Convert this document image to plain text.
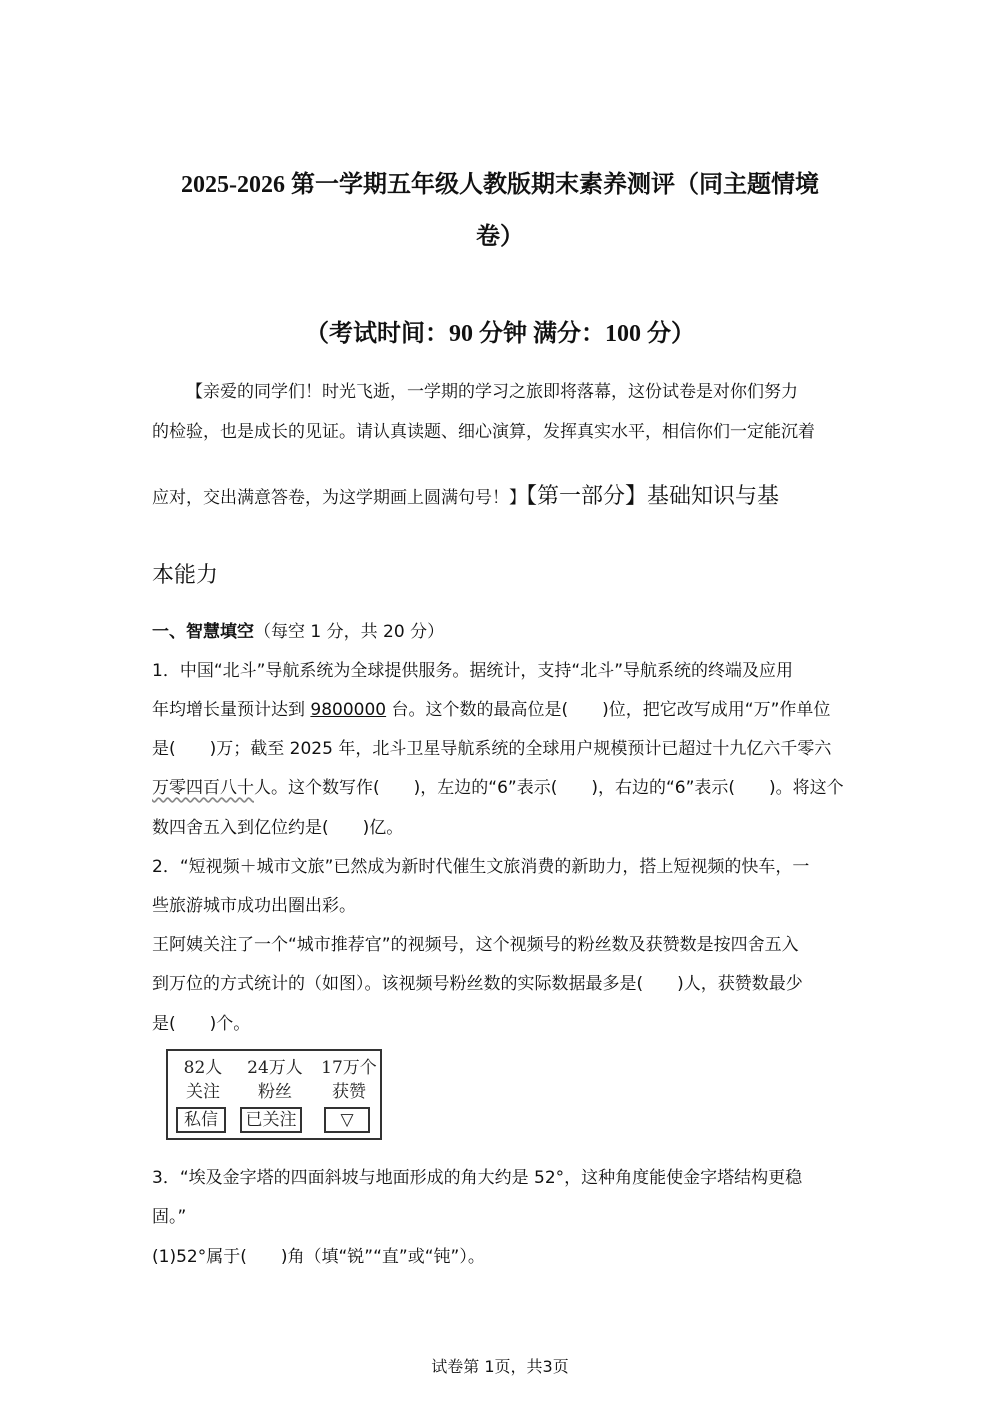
2025-2026 第一学期五年级人教版期末素养测评（同主题情境
卷）
（考试时间：90 分钟 满分：100 分）
【亲爱的同学们！时光飞逝，一学期的学习之旅即将落幕，这份试卷是对你们努力
的检验，也是成长的见证。请认真读题、细心演算，发挥真实水平，相信你们一定能沉着
应对，交出满意答卷，为这学期画上圆满句号！】【第一部分】基础知识与基
本能力
一、智慧填空（每空 1 分，共 20 分）
1．中国“北斗”导航系统为全球提供服务。据统计，支持“北斗”导航系统的终端及应用
年均增长量预计达到 9800000 台。这个数的最高位是(　　)位，把它改写成用“万”作单位
是(　　)万；截至 2025 年，北斗卫星导航系统的全球用户规模预计已超过十九亿六千零六
万零四百八十人。这个数写作(　　)，左边的“6”表示(　　)，右边的“6”表示(　　)。将这个
数四舍五入到亿位约是(　　)亿。
2．“短视频＋城市文旅”已然成为新时代催生文旅消费的新助力，搭上短视频的快车，一
些旅游城市成功出圈出彩。
王阿姨关注了一个“城市推荐官”的视频号，这个视频号的粉丝数及获赞数是按四舍五入
到万位的方式统计的（如图）。该视频号粉丝数的实际数据最多是(　　)人，获赞数最少
是(　　)个。
82人
关注
24万人
粉丝
17万个
获赞
私信	已关注	▽
3．“埃及金字塔的四面斜坡与地面形成的角大约是 52°，这种角度能使金字塔结构更稳
固。”
(1)52°属于(　　)角（填“锐”“直”或“钝”）。
试卷第 1页，共3页
